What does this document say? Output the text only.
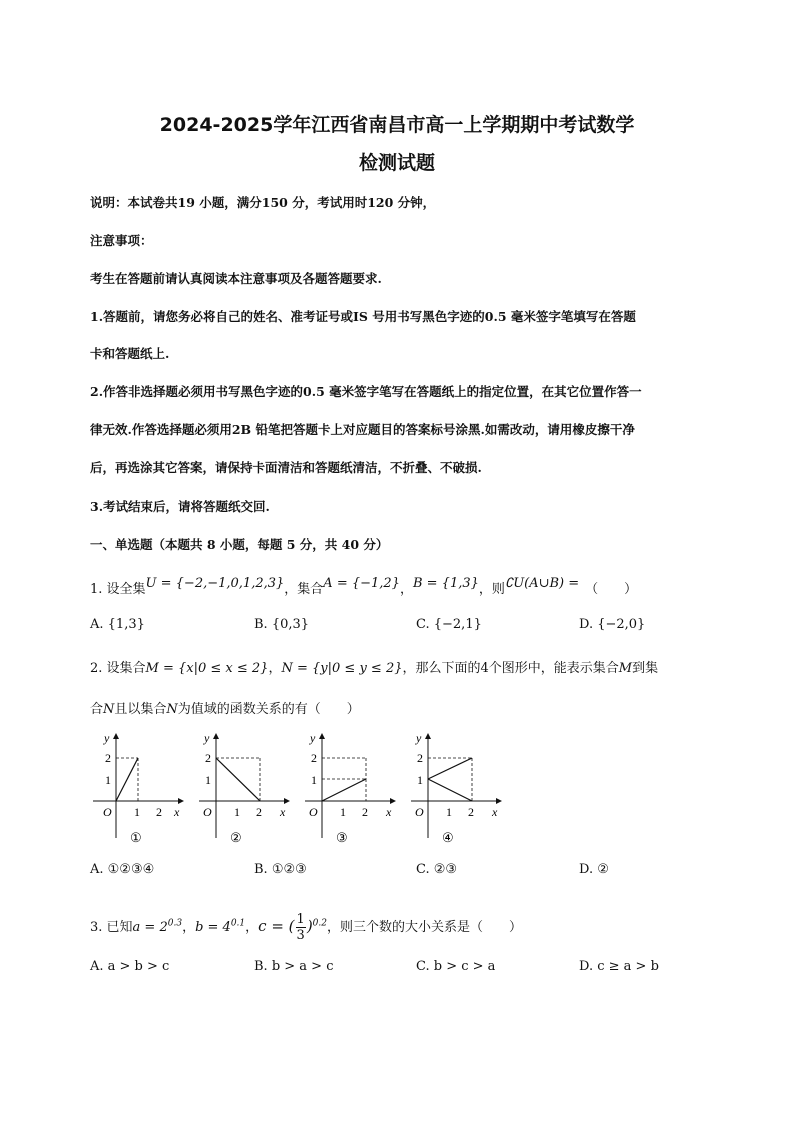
2024-2025学年江西省南昌市高一上学期期中考试数学
检测试题
说明：本试卷共19 小题，满分150 分，考试用时120 分钟，
注意事项：
考生在答题前请认真阅读本注意事项及各题答题要求.
1.答题前，请您务必将自己的姓名、准考证号或IS 号用书写黑色字迹的0.5 毫米签字笔填写在答题
卡和答题纸上.
2.作答非选择题必须用书写黑色字迹的0.5 毫米签字笔写在答题纸上的指定位置，在其它位置作答一
律无效.作答选择题必须用2B 铅笔把答题卡上对应题目的答案标号涂黑.如需改动，请用橡皮擦干净
后，再选涂其它答案，请保持卡面清洁和答题纸清洁，不折叠、不破损.
3.考试结束后，请将答题纸交回.
一、单选题（本题共 8 小题，每题 5 分，共 40 分）
1. 设全集U = {−2,−1,0,1,2,3}，集合A = {−1,2}，B = {1,3}，则∁U(A∪B) = （　　）
A. {1,3}	B. {0,3}	C. {−2,1}	D. {−2,0}
2. 设集合M = {x|0 ≤ x ≤ 2}，N = {y|0 ≤ y ≤ 2}，那么下面的4个图形中，能表示集合M到集
合N且以集合N为值域的函数关系的有（　　）
y
x
O
1
2
1 2
①
y
x
O
1
2
1 2
②
y
x
O
1
2
1 2
③
y
x
O
1
2
1 2
④
A. ①②③④	B. ①②③	C. ②③	D. ②
3. 已知$a = 2^{0.3}$，$b = 4^{0.1}$，c = ( $\frac{1}{3} )^{0.2}$，则三个数的大小关系是（　　）
A. a > b > c	B. b > a > c	C. b > c > a	D. c ≥ a > b
